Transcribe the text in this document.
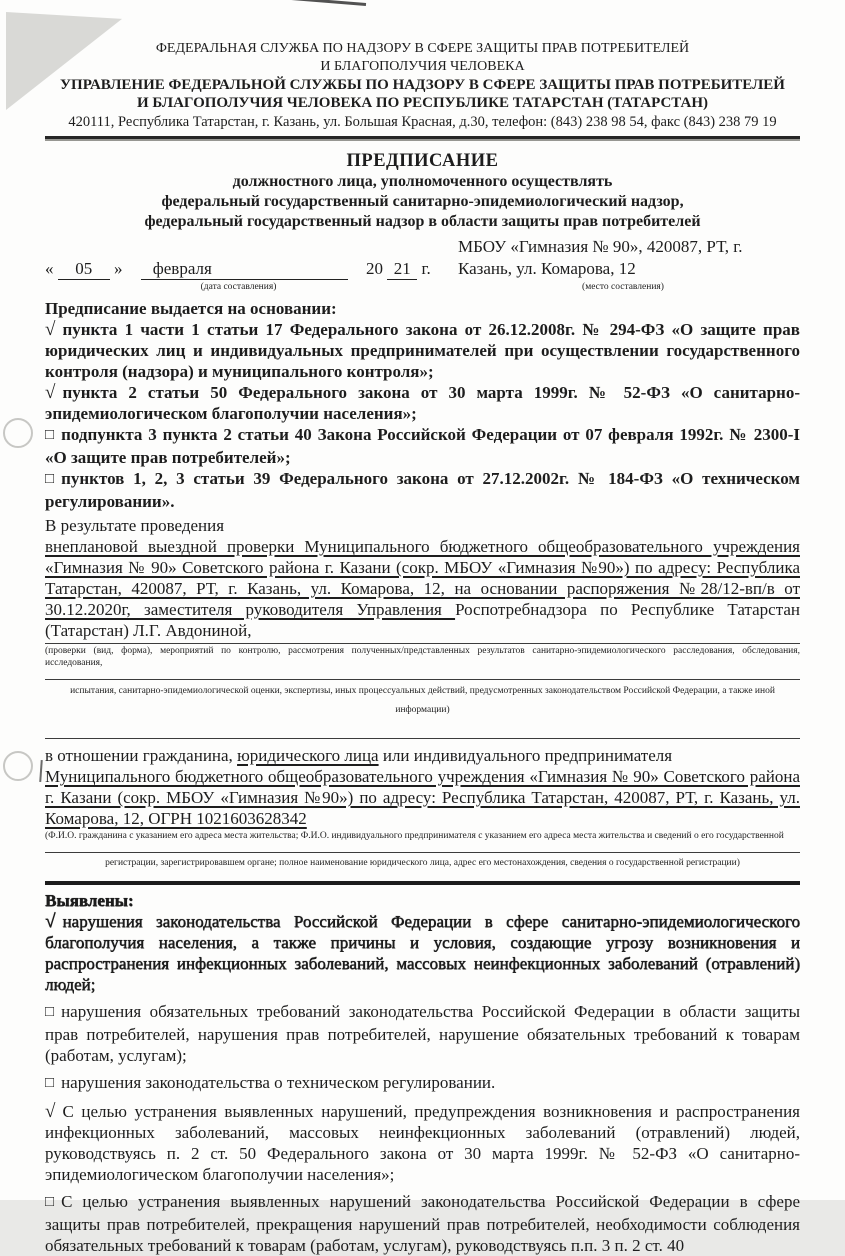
ФЕДЕРАЛЬНАЯ СЛУЖБА ПО НАДЗОРУ В СФЕРЕ ЗАЩИТЫ ПРАВ ПОТРЕБИТЕЛЕЙ
И БЛАГОПОЛУЧИЯ ЧЕЛОВЕКА
УПРАВЛЕНИЕ ФЕДЕРАЛЬНОЙ СЛУЖБЫ ПО НАДЗОРУ В СФЕРЕ ЗАЩИТЫ ПРАВ ПОТРЕБИТЕЛЕЙ
И БЛАГОПОЛУЧИЯ ЧЕЛОВЕКА ПО РЕСПУБЛИКЕ ТАТАРСТАН (ТАТАРСТАН)
420111, Республика Татарстан, г. Казань, ул. Большая Красная, д.30, телефон: (843) 238 98 54, факс (843) 238 79 19
ПРЕДПИСАНИЕ
должностного лица, уполномоченного осуществлять
федеральный государственный санитарно-эпидемиологический надзор,
федеральный государственный надзор в области защиты прав потребителей
« 05 » февраля	20 21 г.
(дата составления)
МБОУ «Гимназия № 90», 420087, РТ, г.
Казань, ул. Комарова, 12
(место составления)

Предписание выдается на основании:

√ пункта 1 части 1 статьи 17 Федерального закона от 26.12.2008г. № 294-ФЗ «О защите прав юридических лиц и индивидуальных предпринимателей при осуществлении государственного контроля (надзора) и муниципального контроля»;

√ пункта 2 статьи 50 Федерального закона от 30 марта 1999г. № 52-ФЗ «О санитарно-эпидемиологическом благополучии населения»;

□ подпункта 3 пункта 2 статьи 40 Закона Российской Федерации от 07 февраля 1992г. № 2300-I «О защите прав потребителей»;

□ пунктов 1, 2, 3 статьи 39 Федерального закона от 27.12.2002г. № 184-ФЗ «О техническом регулировании».

В результате проведения

внеплановой выездной проверки Муниципального бюджетного общеобразовательного учреждения «Гимназия № 90» Советского района г. Казани (сокр. МБОУ «Гимназия №90») по адресу: Республика Татарстан, 420087, РТ, г. Казань, ул. Комарова, 12, на основании распоряжения №28/12-вп/в от 30.12.2020г, заместителя руководителя Управления Роспотребнадзора по Республике Татарстан (Татарстан) Л.Г. Авдониной,

(проверки (вид, форма), мероприятий по контролю, рассмотрения полученных/представленных результатов санитарно-эпидемиологического расследования, обследования, исследования,
испытания, санитарно-эпидемиологической оценки, экспертизы, иных процессуальных действий, предусмотренных законодательством Российской Федерации, а также иной
информации)

в отношении гражданина, юридического лица или индивидуального предпринимателя

Муниципального бюджетного общеобразовательного учреждения «Гимназия № 90» Советского района г. Казани (сокр. МБОУ «Гимназия №90») по адресу: Республика Татарстан, 420087, РТ, г. Казань, ул. Комарова, 12, ОГРН 1021603628342

(Ф.И.О. гражданина с указанием его адреса места жительства; Ф.И.О. индивидуального предпринимателя с указанием его адреса места жительства и сведений о его государственной
регистрации, зарегистрировавшем органе; полное наименование юридического лица, адрес его местонахождения, сведения о государственной регистрации)

Выявлены:

√ нарушения законодательства Российской Федерации в сфере санитарно-эпидемиологического благополучия населения, а также причины и условия, создающие угрозу возникновения и распространения инфекционных заболеваний, массовых неинфекционных заболеваний (отравлений) людей;

□ нарушения обязательных требований законодательства Российской Федерации в области защиты прав потребителей, нарушения прав потребителей, нарушение обязательных требований к товарам (работам, услугам);

□ нарушения законодательства о техническом регулировании.

√ С целью устранения выявленных нарушений, предупреждения возникновения и распространения инфекционных заболеваний, массовых неинфекционных заболеваний (отравлений) людей, руководствуясь п. 2 ст. 50 Федерального закона от 30 марта 1999г. № 52-ФЗ «О санитарно-эпидемиологическом благополучии населения»;

□ С целью устранения выявленных нарушений законодательства Российской Федерации в сфере защиты прав потребителей, прекращения нарушений прав потребителей, необходимости соблюдения обязательных требований к товарам (работам, услугам), руководствуясь п.п. 3 п. 2 ст. 40
